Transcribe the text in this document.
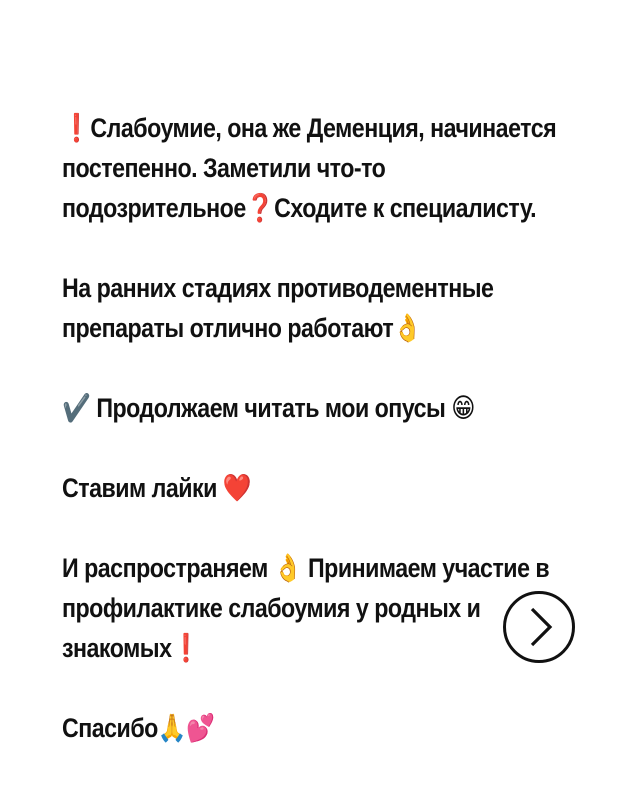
❗Слабоумие, она же Деменция, начинается
постепенно. Заметили что-то
подозрительное❓Сходите к специалисту.
На ранних стадиях противодементные
препараты отлично работают👌
✔️ Продолжаем читать мои опусы 😁
Ставим лайки ❤️
И распространяем 👌 Принимаем участие в
профилактике слабоумия у родных и
знакомых❗
Спасибо🙏💕
